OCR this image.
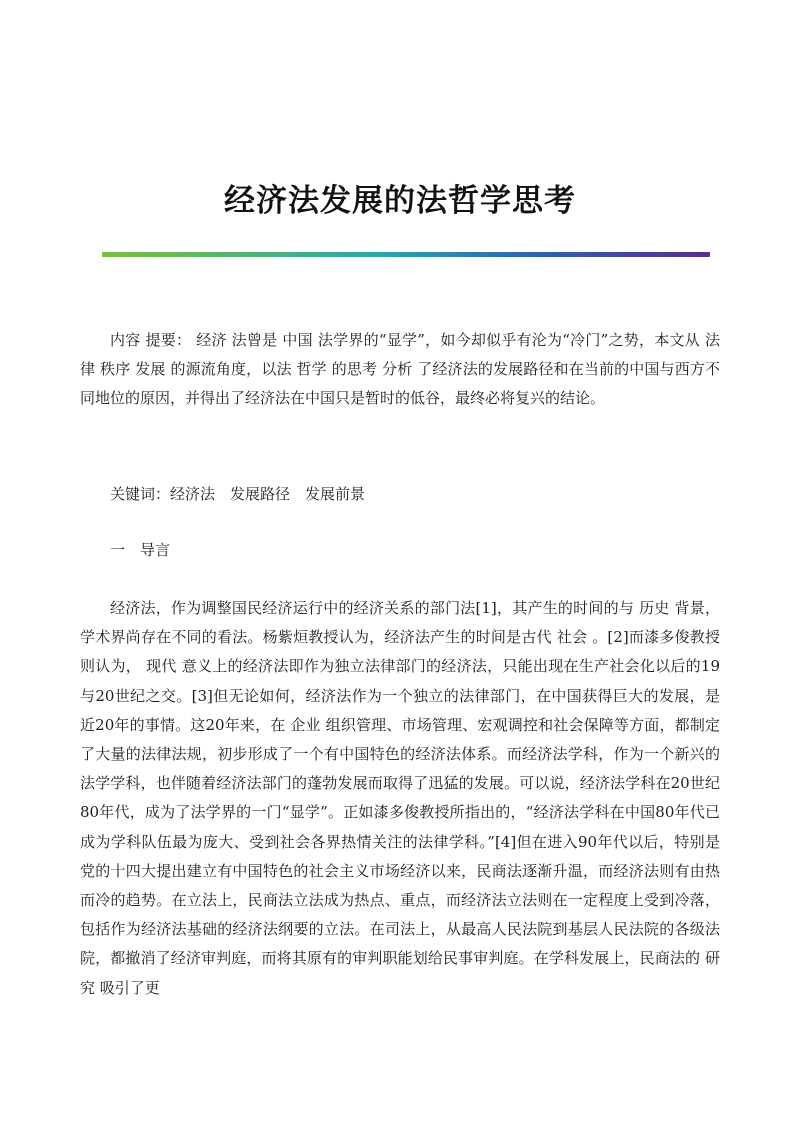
经济法发展的法哲学思考

内容 提要： 经济 法曾是 中国 法学界的“显学”，如今却似乎有沦为“冷门”之势，本文从 法律 秩序 发展 的源流角度，以法 哲学 的思考 分析 了经济法的发展路径和在当前的中国与西方不同地位的原因，并得出了经济法在中国只是暂时的低谷，最终必将复兴的结论。

关键词：经济法　发展路径　发展前景

一　导言

经济法，作为调整国民经济运行中的经济关系的部门法[1]，其产生的时间的与 历史 背景，学术界尚存在不同的看法。杨紫烜教授认为，经济法产生的时间是古代 社会 。[2]而漆多俊教授则认为， 现代 意义上的经济法即作为独立法律部门的经济法，只能出现在生产社会化以后的19与20世纪之交。[3]但无论如何，经济法作为一个独立的法律部门，在中国获得巨大的发展，是近20年的事情。这20年来，在 企业 组织管理、市场管理、宏观调控和社会保障等方面，都制定了大量的法律法规，初步形成了一个有中国特色的经济法体系。而经济法学科，作为一个新兴的法学学科，也伴随着经济法部门的蓬勃发展而取得了迅猛的发展。可以说，经济法学科在20世纪80年代，成为了法学界的一门“显学”。正如漆多俊教授所指出的，“经济法学科在中国80年代已成为学科队伍最为庞大、受到社会各界热情关注的法律学科。”[4]但在进入90年代以后，特别是党的十四大提出建立有中国特色的社会主义市场经济以来，民商法逐渐升温，而经济法则有由热而冷的趋势。在立法上，民商法立法成为热点、重点，而经济法立法则在一定程度上受到冷落，包括作为经济法基础的经济法纲要的立法。在司法上，从最高人民法院到基层人民法院的各级法院，都撤消了经济审判庭，而将其原有的审判职能划给民事审判庭。在学科发展上，民商法的 研究 吸引了更
